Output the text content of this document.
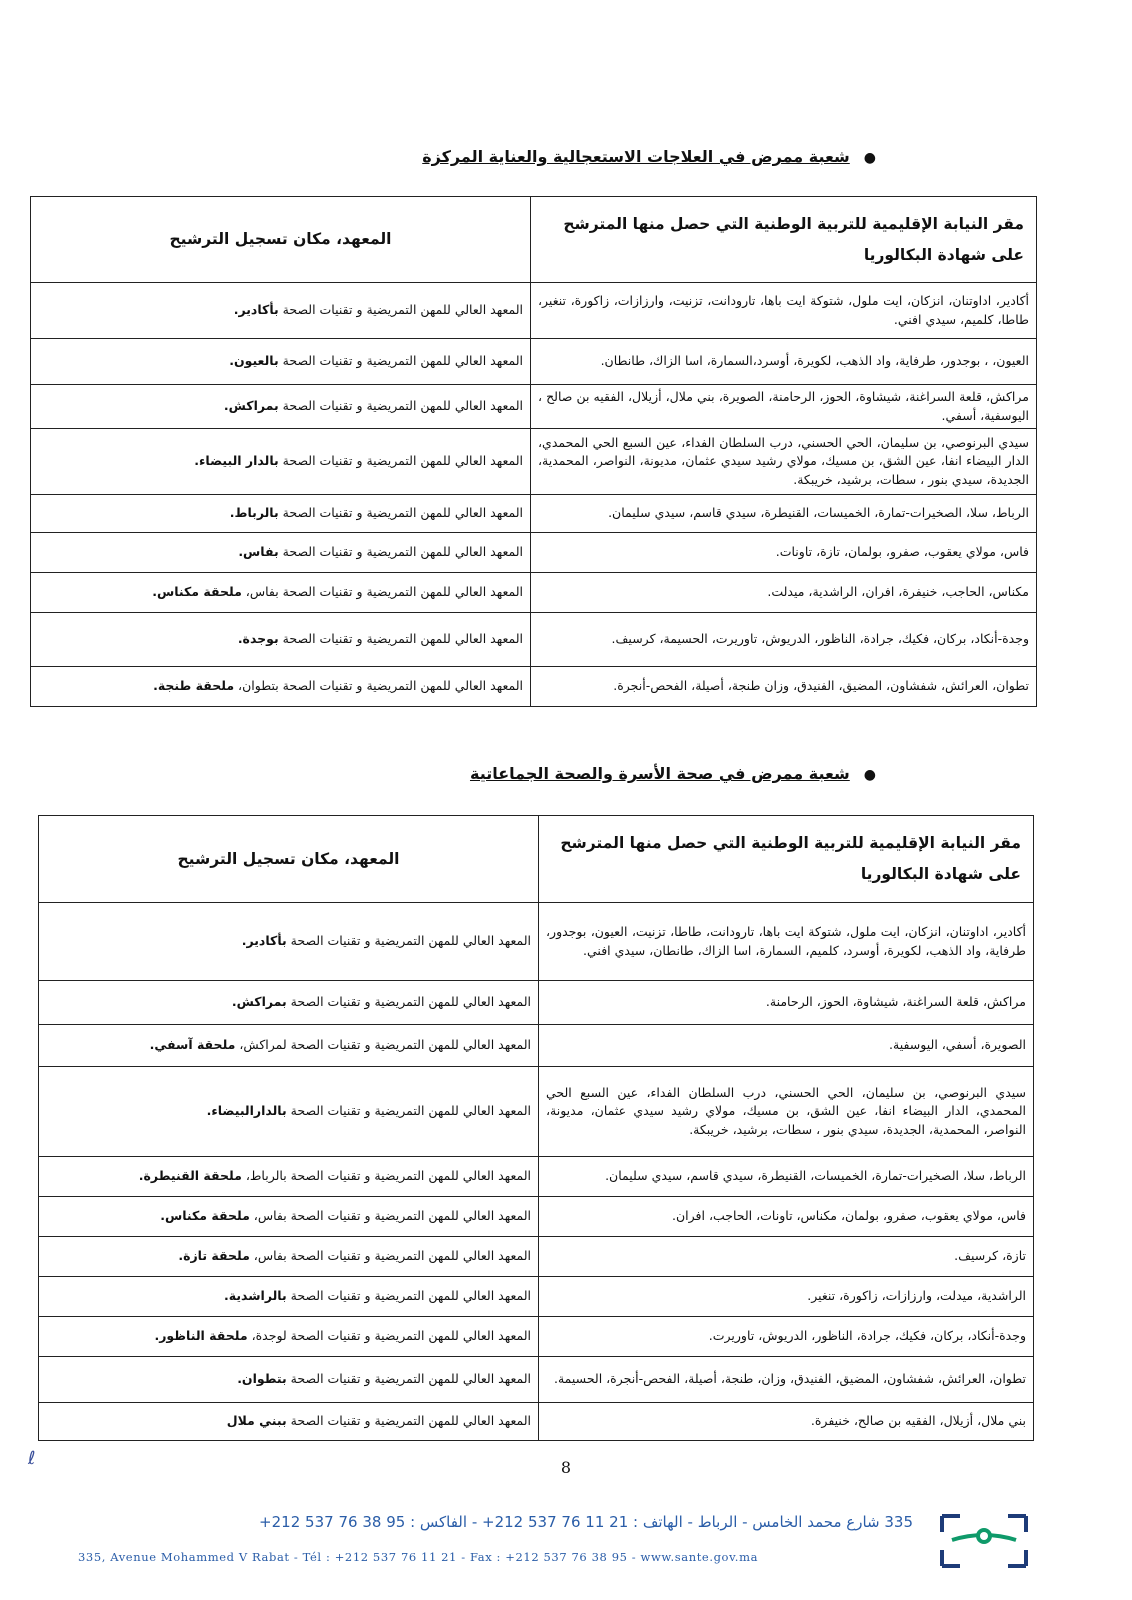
●شعبة ممرض في العلاجات الاستعجالية والعناية المركزة
مقر النيابة الإقليمية للتربية الوطنية التي حصل منها المترشح على شهادة البكالوريا	المعهد، مكان تسجيل الترشيح
أكادير، اداوتنان، انزكان، ايت ملول، شتوكة ايت باها، تارودانت، تزنيت، وارزازات، زاكورة، تنغير، طاطا، كلميم، سيدي افني.	المعهد العالي للمهن التمريضية و تقنيات الصحة بأكادير.
العيون، ، بوجدور، طرفاية، واد الذهب، لكويرة، أوسرد،السمارة، اسا الزاك، طانطان.	المعهد العالي للمهن التمريضية و تقنيات الصحة بالعيون.
مراكش، قلعة السراغنة، شيشاوة، الحوز، الرحامنة، الصويرة، بني ملال، أزيلال، الفقيه بن صالح ، اليوسفية، أسفي.	المعهد العالي للمهن التمريضية و تقنيات الصحة بمراكش.
سيدي البرنوصي، بن سليمان، الحي الحسني، درب السلطان الفداء، عين السبع الحي المحمدي، الدار البيضاء انفا، عين الشق، بن مسيك، مولاي رشيد سيدي عثمان، مديونة، النواصر، المحمدية، الجديدة، سيدي بنور ، سطات، برشيد، خريبكة.	المعهد العالي للمهن التمريضية و تقنيات الصحة بالدار البيضاء.
الرباط، سلا، الصخيرات-تمارة، الخميسات، القنيطرة، سيدي قاسم، سيدي سليمان.	المعهد العالي للمهن التمريضية و تقنيات الصحة بالرباط.
فاس، مولاي يعقوب، صفرو، بولمان، تازة، تاونات.	المعهد العالي للمهن التمريضية و تقنيات الصحة بفاس.
مكناس، الحاجب، خنيفرة، افران، الراشدية، ميدلت.	المعهد العالي للمهن التمريضية و تقنيات الصحة بفاس، ملحقة مكناس.
وجدة-أنكاد، بركان، فكيك، جرادة، الناظور، الدريوش، تاوريرت، الحسيمة، كرسيف.	المعهد العالي للمهن التمريضية و تقنيات الصحة بوجدة.
تطوان، العرائش، شفشاون، المضيق، الفنيدق، وزان طنجة، أصيلة، الفحص-أنجرة.	المعهد العالي للمهن التمريضية و تقنيات الصحة بتطوان، ملحقة طنجة.
●شعبة ممرض في صحة الأسرة والصحة الجماعاتية
مقر النيابة الإقليمية للتربية الوطنية التي حصل منها المترشح على شهادة البكالوريا	المعهد، مكان تسجيل الترشيح
أكادير، اداوتنان، انزكان، ايت ملول، شتوكة ايت باها، تارودانت، طاطا، تزنيت، العيون، بوجدور، طرفاية، واد الذهب، لكويرة، أوسرد، كلميم، السمارة، اسا الزاك، طانطان، سيدي افني.	المعهد العالي للمهن التمريضية و تقنيات الصحة بأكادير.
مراكش، قلعة السراغنة، شيشاوة، الحوز، الرحامنة.	المعهد العالي للمهن التمريضية و تقنيات الصحة بمراكش.
الصويرة، أسفي، اليوسفية.	المعهد العالي للمهن التمريضية و تقنيات الصحة لمراكش، ملحقة آسفي.
سيدي البرنوصي، بن سليمان، الحي الحسني، درب السلطان الفداء، عين السبع الحي المحمدي، الدار البيضاء انفا، عين الشق، بن مسيك، مولاي رشيد سيدي عثمان، مديونة، النواصر، المحمدية، الجديدة، سيدي بنور ، سطات، برشيد، خريبكة.	المعهد العالي للمهن التمريضية و تقنيات الصحة بالدارالبيضاء.
الرباط، سلا، الصخيرات-تمارة، الخميسات، القنيطرة، سيدي قاسم، سيدي سليمان.	المعهد العالي للمهن التمريضية و تقنيات الصحة بالرباط، ملحقة القنيطرة.
فاس، مولاي يعقوب، صفرو، بولمان، مكناس، تاونات، الحاجب، افران.	المعهد العالي للمهن التمريضية و تقنيات الصحة بفاس، ملحقة مكناس.
تازة، كرسيف.	المعهد العالي للمهن التمريضية و تقنيات الصحة بفاس، ملحقة تازة.
الراشدية، ميدلت، وارزازات، زاكورة، تنغير.	المعهد العالي للمهن التمريضية و تقنيات الصحة بالراشدية.
وجدة-أنكاد، بركان، فكيك، جرادة، الناظور، الدريوش، تاوريرت.	المعهد العالي للمهن التمريضية و تقنيات الصحة لوجدة، ملحقة الناظور.
تطوان، العرائش، شفشاون، المضيق، الفنيدق، وزان، طنجة، أصيلة، الفحص-أنجرة، الحسيمة.	المعهد العالي للمهن التمريضية و تقنيات الصحة بتطوان.
بني ملال، أزيلال، الفقيه بن صالح، خنيفرة.	المعهد العالي للمهن التمريضية و تقنيات الصحة ببني ملال
8
ℓ
335 شارع محمد الخامس - الرباط - الهاتف : 21 11 76 537 212+ - الفاكس : 95 38 76 537 212+
335, Avenue Mohammed V Rabat - Tél : +212 537 76 11 21 - Fax : +212 537 76 38 95 - www.sante.gov.ma
